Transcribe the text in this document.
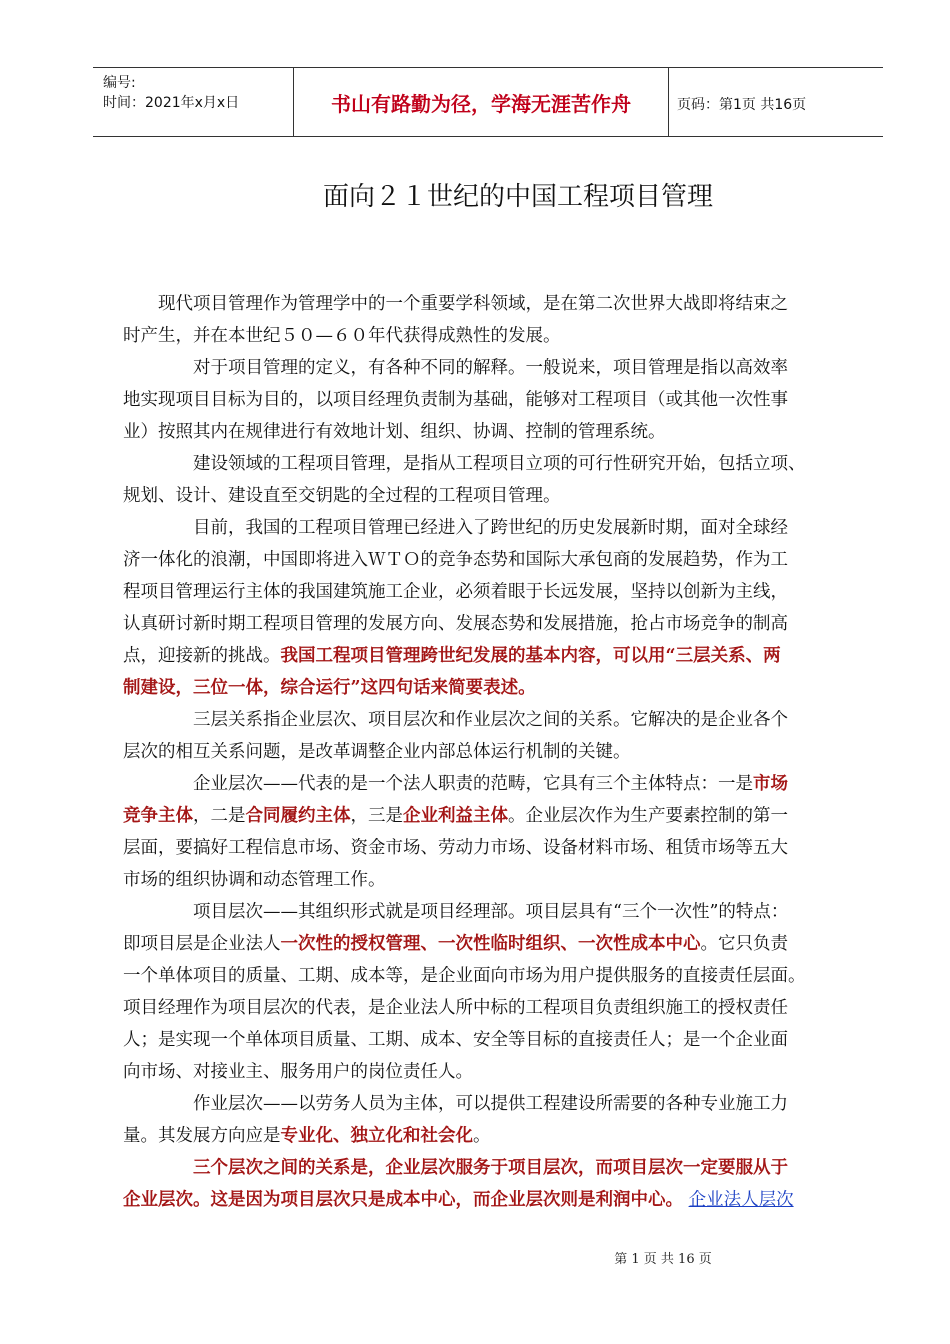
编号:
时间：2021年x月x日	书山有路勤为径，学海无涯苦作舟	页码：第1页 共16页
面向２１世纪的中国工程项目管理
　　现代项目管理作为管理学中的一个重要学科领域，是在第二次世界大战即将结束之
时产生，并在本世纪５０—６０年代获得成熟性的发展。
　　　　对于项目管理的定义，有各种不同的解释。一般说来，项目管理是指以高效率
地实现项目目标为目的，以项目经理负责制为基础，能够对工程项目（或其他一次性事
业）按照其内在规律进行有效地计划、组织、协调、控制的管理系统。
　　　　建设领域的工程项目管理，是指从工程项目立项的可行性研究开始，包括立项、
规划、设计、建设直至交钥匙的全过程的工程项目管理。
　　　　目前，我国的工程项目管理已经进入了跨世纪的历史发展新时期，面对全球经
济一体化的浪潮，中国即将进入ＷＴＯ的竞争态势和国际大承包商的发展趋势，作为工
程项目管理运行主体的我国建筑施工企业，必须着眼于长远发展，坚持以创新为主线，
认真研讨新时期工程项目管理的发展方向、发展态势和发展措施，抢占市场竞争的制高
点，迎接新的挑战。我国工程项目管理跨世纪发展的基本内容，可以用“三层关系、两
制建设，三位一体，综合运行”这四句话来简要表述。
　　　　三层关系指企业层次、项目层次和作业层次之间的关系。它解决的是企业各个
层次的相互关系问题，是改革调整企业内部总体运行机制的关键。
　　　　企业层次——代表的是一个法人职责的范畴，它具有三个主体特点：一是市场
竞争主体，二是合同履约主体，三是企业利益主体。企业层次作为生产要素控制的第一
层面，要搞好工程信息市场、资金市场、劳动力市场、设备材料市场、租赁市场等五大
市场的组织协调和动态管理工作。
　　　　项目层次——其组织形式就是项目经理部。项目层具有“三个一次性”的特点：
即项目层是企业法人一次性的授权管理、一次性临时组织、一次性成本中心。它只负责
一个单体项目的质量、工期、成本等，是企业面向市场为用户提供服务的直接责任层面。
项目经理作为项目层次的代表，是企业法人所中标的工程项目负责组织施工的授权责任
人；是实现一个单体项目质量、工期、成本、安全等目标的直接责任人；是一个企业面
向市场、对接业主、服务用户的岗位责任人。
　　　　作业层次——以劳务人员为主体，可以提供工程建设所需要的各种专业施工力
量。其发展方向应是专业化、独立化和社会化。
　　　　三个层次之间的关系是，企业层次服务于项目层次，而项目层次一定要服从于
企业层次。这是因为项目层次只是成本中心，而企业层次则是利润中心。 企业法人层次
第 1 页 共 16 页
